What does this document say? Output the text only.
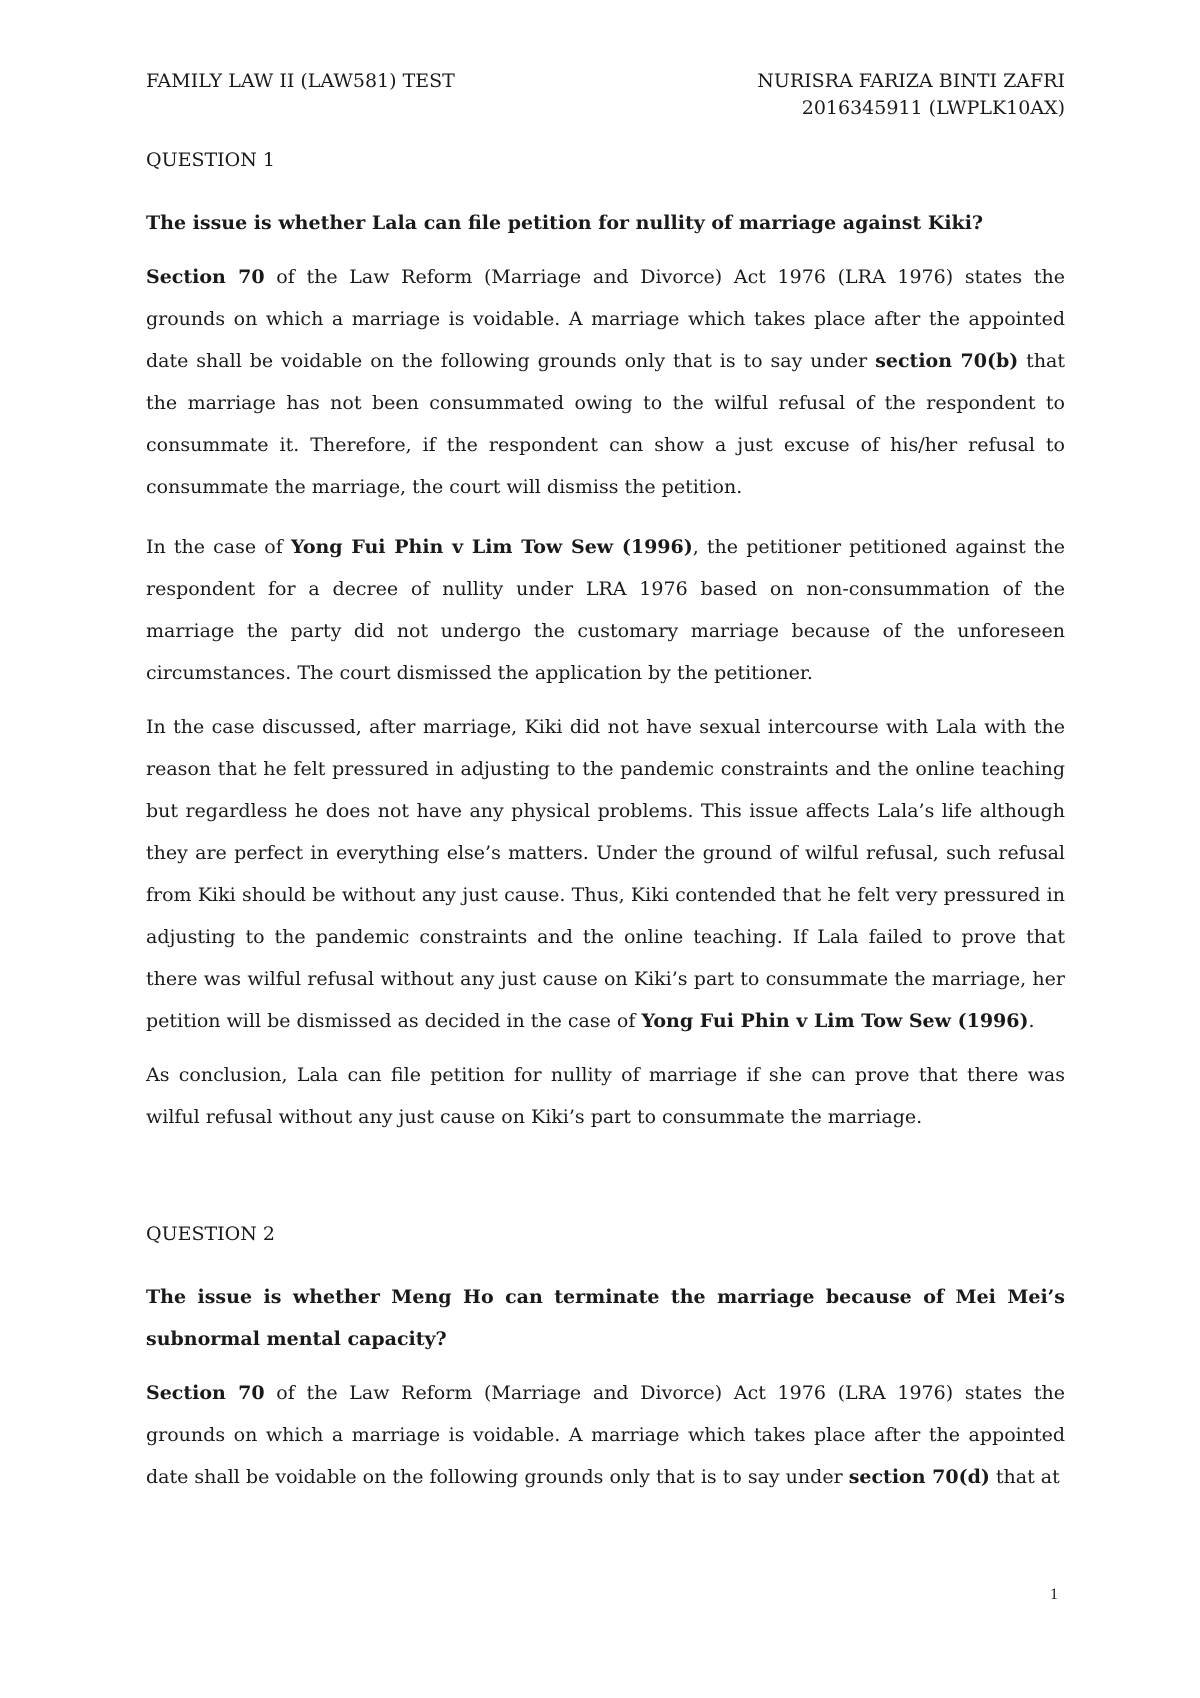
FAMILY LAW II (LAW581) TEST	NURISRA FARIZA BINTI ZAFRI
2016345911 (LWPLK10AX)
QUESTION 1

The issue is whether Lala can file petition for nullity of marriage against Kiki?

Section 70 of the Law Reform (Marriage and Divorce) Act 1976 (LRA 1976) states the grounds on which a marriage is voidable. A marriage which takes place after the appointed date shall be voidable on the following grounds only that is to say under section 70(b) that the marriage has not been consummated owing to the wilful refusal of the respondent to consummate it. Therefore, if the respondent can show a just excuse of his/her refusal to consummate the marriage, the court will dismiss the petition.

In the case of Yong Fui Phin v Lim Tow Sew (1996), the petitioner petitioned against the respondent for a decree of nullity under LRA 1976 based on non-consummation of the marriage the party did not undergo the customary marriage because of the unforeseen circumstances. The court dismissed the application by the petitioner.

In the case discussed, after marriage, Kiki did not have sexual intercourse with Lala with the reason that he felt pressured in adjusting to the pandemic constraints and the online teaching but regardless he does not have any physical problems. This issue affects Lala’s life although they are perfect in everything else’s matters. Under the ground of wilful refusal, such refusal from Kiki should be without any just cause. Thus, Kiki contended that he felt very pressured in adjusting to the pandemic constraints and the online teaching. If Lala failed to prove that there was wilful refusal without any just cause on Kiki’s part to consummate the marriage, her petition will be dismissed as decided in the case of Yong Fui Phin v Lim Tow Sew (1996).

As conclusion, Lala can file petition for nullity of marriage if she can prove that there was wilful refusal without any just cause on Kiki’s part to consummate the marriage.

QUESTION 2

The issue is whether Meng Ho can terminate the marriage because of Mei Mei’s subnormal mental capacity?

Section 70 of the Law Reform (Marriage and Divorce) Act 1976 (LRA 1976) states the grounds on which a marriage is voidable. A marriage which takes place after the appointed date shall be voidable on the following grounds only that is to say under section 70(d) that at

1
